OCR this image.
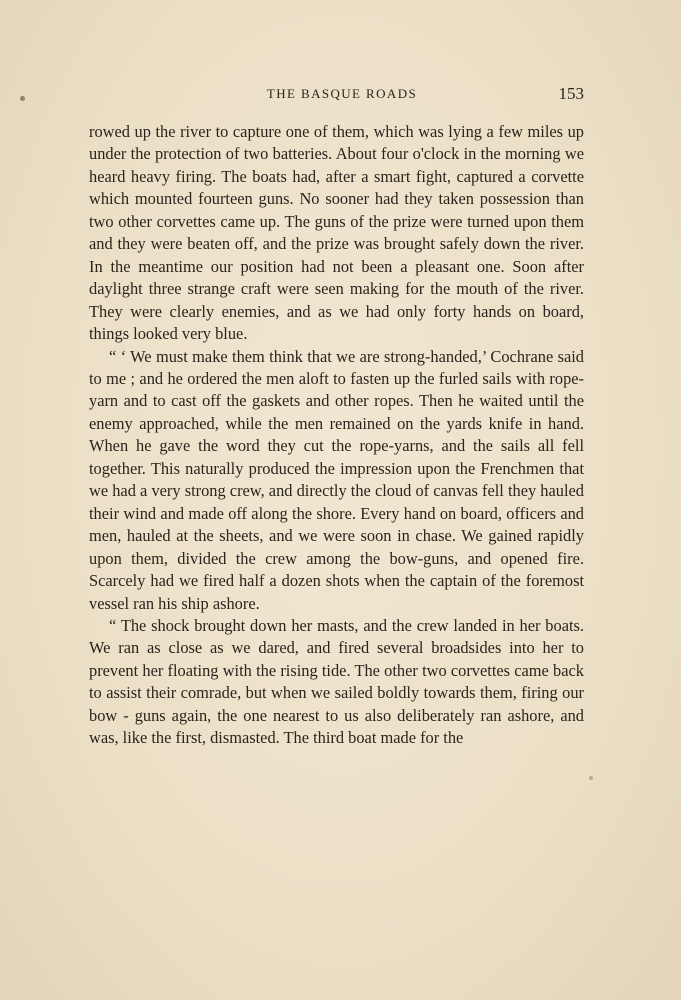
THE BASQUE ROADS	153

rowed up the river to capture one of them, which was lying a few miles up under the protection of two batteries. About four o'clock in the morning we heard heavy firing. The boats had, after a smart fight, captured a corvette which mounted fourteen guns. No sooner had they taken possession than two other corvettes came up. The guns of the prize were turned upon them and they were beaten off, and the prize was brought safely down the river. In the meantime our position had not been a pleasant one. Soon after daylight three strange craft were seen making for the mouth of the river. They were clearly enemies, and as we had only forty hands on board, things looked very blue.

“ ‘ We must make them think that we are strong-handed,’ Cochrane said to me ; and he ordered the men aloft to fasten up the furled sails with rope-yarn and to cast off the gaskets and other ropes. Then he waited until the enemy approached, while the men remained on the yards knife in hand. When he gave the word they cut the rope-yarns, and the sails all fell together. This naturally produced the impression upon the Frenchmen that we had a very strong crew, and directly the cloud of canvas fell they hauled their wind and made off along the shore. Every hand on board, officers and men, hauled at the sheets, and we were soon in chase. We gained rapidly upon them, divided the crew among the bow-guns, and opened fire. Scarcely had we fired half a dozen shots when the captain of the foremost vessel ran his ship ashore.

“ The shock brought down her masts, and the crew landed in her boats. We ran as close as we dared, and fired several broadsides into her to prevent her floating with the rising tide. The other two corvettes came back to assist their comrade, but when we sailed boldly towards them, firing our bow - guns again, the one nearest to us also deliberately ran ashore, and was, like the first, dismasted. The third boat made for the
